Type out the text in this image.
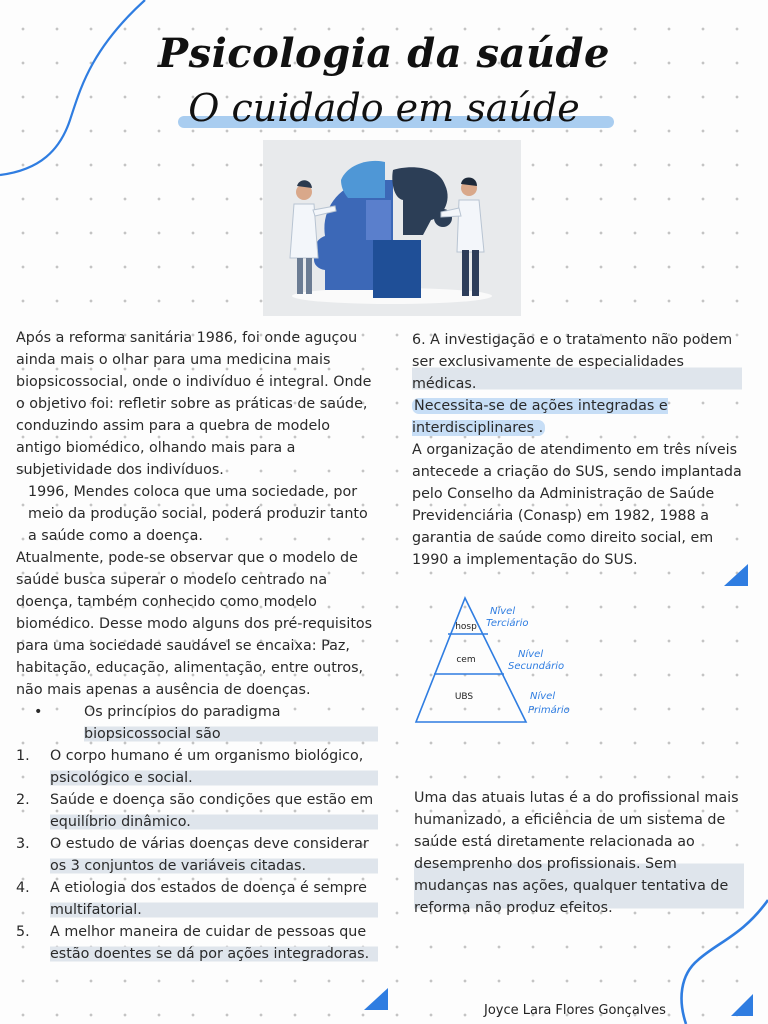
Psicologia da saúde
O cuidado em saúde

Após a reforma sanitária 1986, foi onde aguçou ainda mais o olhar para uma medicina mais biopsicossocial, onde o indivíduo é integral. Onde o objetivo foi: refletir sobre as práticas de saúde, conduzindo assim para a quebra de modelo antigo biomédico, olhando mais para a subjetividade dos indivíduos.

1996, Mendes coloca que uma sociedade, por meio da produção social, poderá produzir tanto a saúde como a doença.

Atualmente, pode-se observar que o modelo de saúde busca superar o modelo centrado na doença, também conhecido como modelo biomédico. Desse modo alguns dos pré-requisitos para uma sociedade saudável se encaixa: Paz, habitação, educação, alimentação, entre outros, não mais apenas a ausência de doenças.

•	Os princípios do paradigma biopsicossocial são
1.	O corpo humano é um organismo biológico, psicológico e social.
2.	Saúde e doença são condições que estão em equilíbrio dinâmico.
3.	O estudo de várias doenças deve considerar os 3 conjuntos de variáveis citadas.
4.	A etiologia dos estados de doença é sempre multifatorial.
5.	A melhor maneira de cuidar de pessoas que estão doentes se dá por ações integradoras.

6. A investigação e o tratamento não podem ser exclusivamente de especialidades médicas.

Necessita-se de ações integradas e interdisciplinares .

A organização de atendimento em três níveis antecede a criação do SUS, sendo implantada pelo Conselho da Administração de Saúde Previdenciária (Conasp) em 1982, 1988 a garantia de saúde como direito social, em 1990 a implementação do SUS.

hosp
cem
UBS
Nível
Terciário
Nível
Secundário
Nível
Primário

Uma das atuais lutas é a do profissional mais humanizado, a eficiência de um sistema de saúde está diretamente relacionada ao desemprenho dos profissionais. Sem mudanças nas ações, qualquer tentativa de reforma não produz efeitos.

Joyce Lara Flores Gonçalves
